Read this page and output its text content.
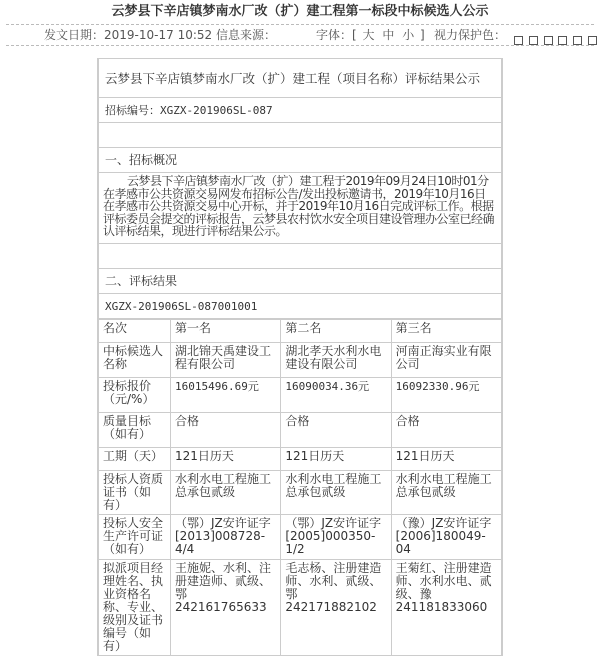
云梦县下辛店镇梦南水厂改（扩）建工程第一标段中标候选人公示
发文日期：2019-10-17 10:52 信息来源：	字体：[ 大 中 小 ] 视力保护色：

云梦县下辛店镇梦南水厂改（扩）建工程（项目名称）评标结果公示
招标编号：XGZX-201906SL-087

一、招标概况
云梦县下辛店镇梦南水厂改（扩）建工程于2019年09月24日10时01分在孝感市公共资源交易网发布招标公告/发出投标邀请书，2019年10月16日在孝感市公共资源交易中心开标，并于2019年10月16日完成评标工作。根据评标委员会提交的评标报告，云梦县农村饮水安全项目建设管理办公室已经确认评标结果，现进行评标结果公示。

二、评标结果
XGZX-201906SL-087001001
名次	第一名	第二名	第三名
中标候选人名称	湖北锦天禹建设工程有限公司	湖北孝天水利水电建设有限公司	河南正海实业有限公司
投标报价（元/%）	16015496.69元	16090034.36元	16092330.96元
质量目标（如有）	合格	合格	合格
工期（天）	121日历天	121日历天	121日历天
投标人资质证书（如有）	水利水电工程施工总承包贰级	水利水电工程施工总承包贰级	水利水电工程施工总承包贰级
投标人安全生产许可证（如有）	（鄂）JZ安许证字[2013]008728-4/4	（鄂）JZ安许证字[2005]000350-1/2	（豫）JZ安许证字[2006]180049-04
拟派项目经理姓名、执业资格名称、专业、级别及证书编号（如有）	王施妮、水利、注册建造师、贰级、鄂242161765633	毛志杨、注册建造师、水利、贰级、鄂242171882102	王菊红、注册建造师、水利水电、贰级、豫241181833060
